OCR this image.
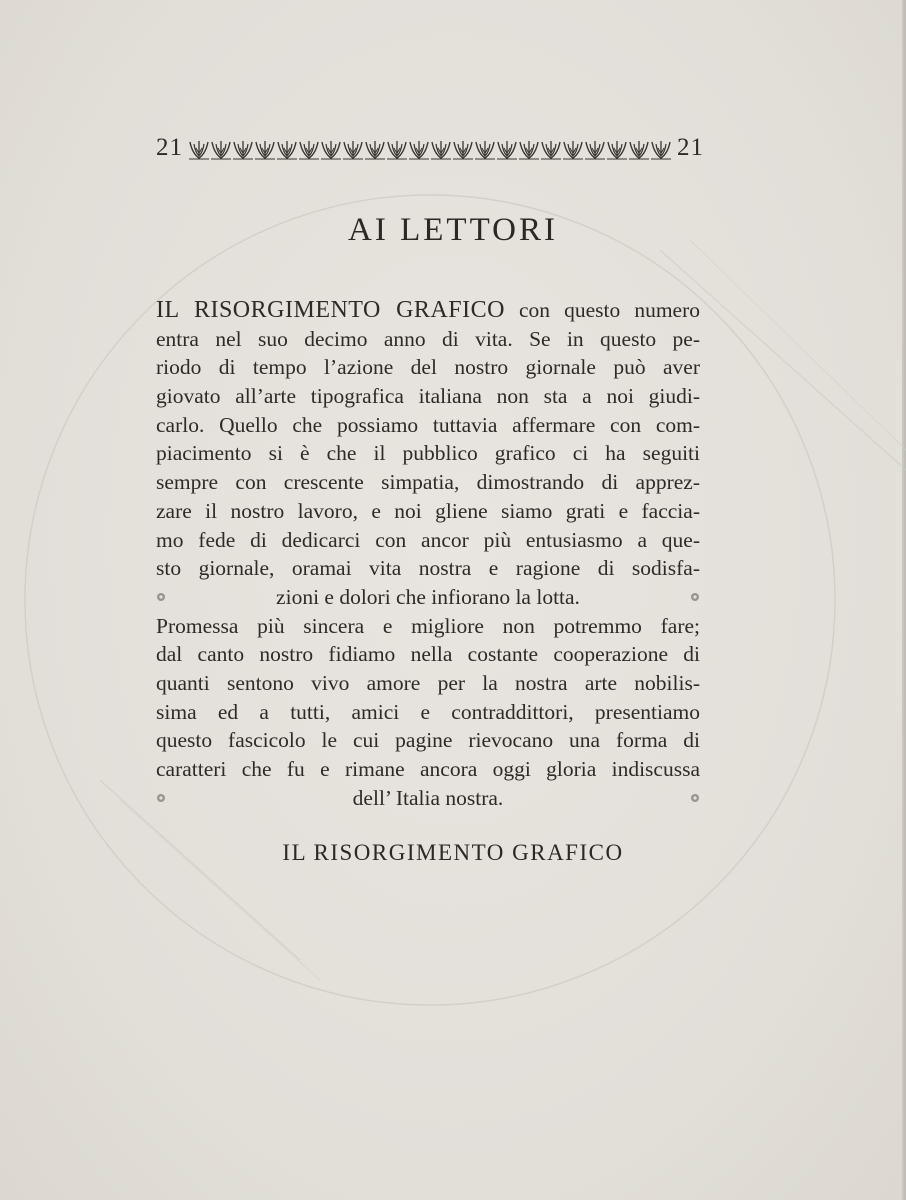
21	21
AI LETTORI
IL RISORGIMENTO GRAFICO con questo numero
entra nel suo decimo anno di vita. Se in questo pe-
riodo di tempo l’azione del nostro giornale può aver
giovato all’arte tipografica italiana non sta a noi giudi-
carlo. Quello che possiamo tuttavia affermare con com-
piacimento si è che il pubblico grafico ci ha seguiti
sempre con crescente simpatia, dimostrando di apprez-
zare il nostro lavoro, e noi gliene siamo grati e faccia-
mo fede di dedicarci con ancor più entusiasmo a que-
sto giornale, oramai vita nostra e ragione di sodisfa-
zioni e dolori che infiorano la lotta.
Promessa più sincera e migliore non potremmo fare;
dal canto nostro fidiamo nella costante cooperazione di
quanti sentono vivo amore per la nostra arte nobilis-
sima ed a tutti, amici e contraddittori, presentiamo
questo fascicolo le cui pagine rievocano una forma di
caratteri che fu e rimane ancora oggi gloria indiscussa
dell’ Italia nostra.
IL RISORGIMENTO GRAFICO
